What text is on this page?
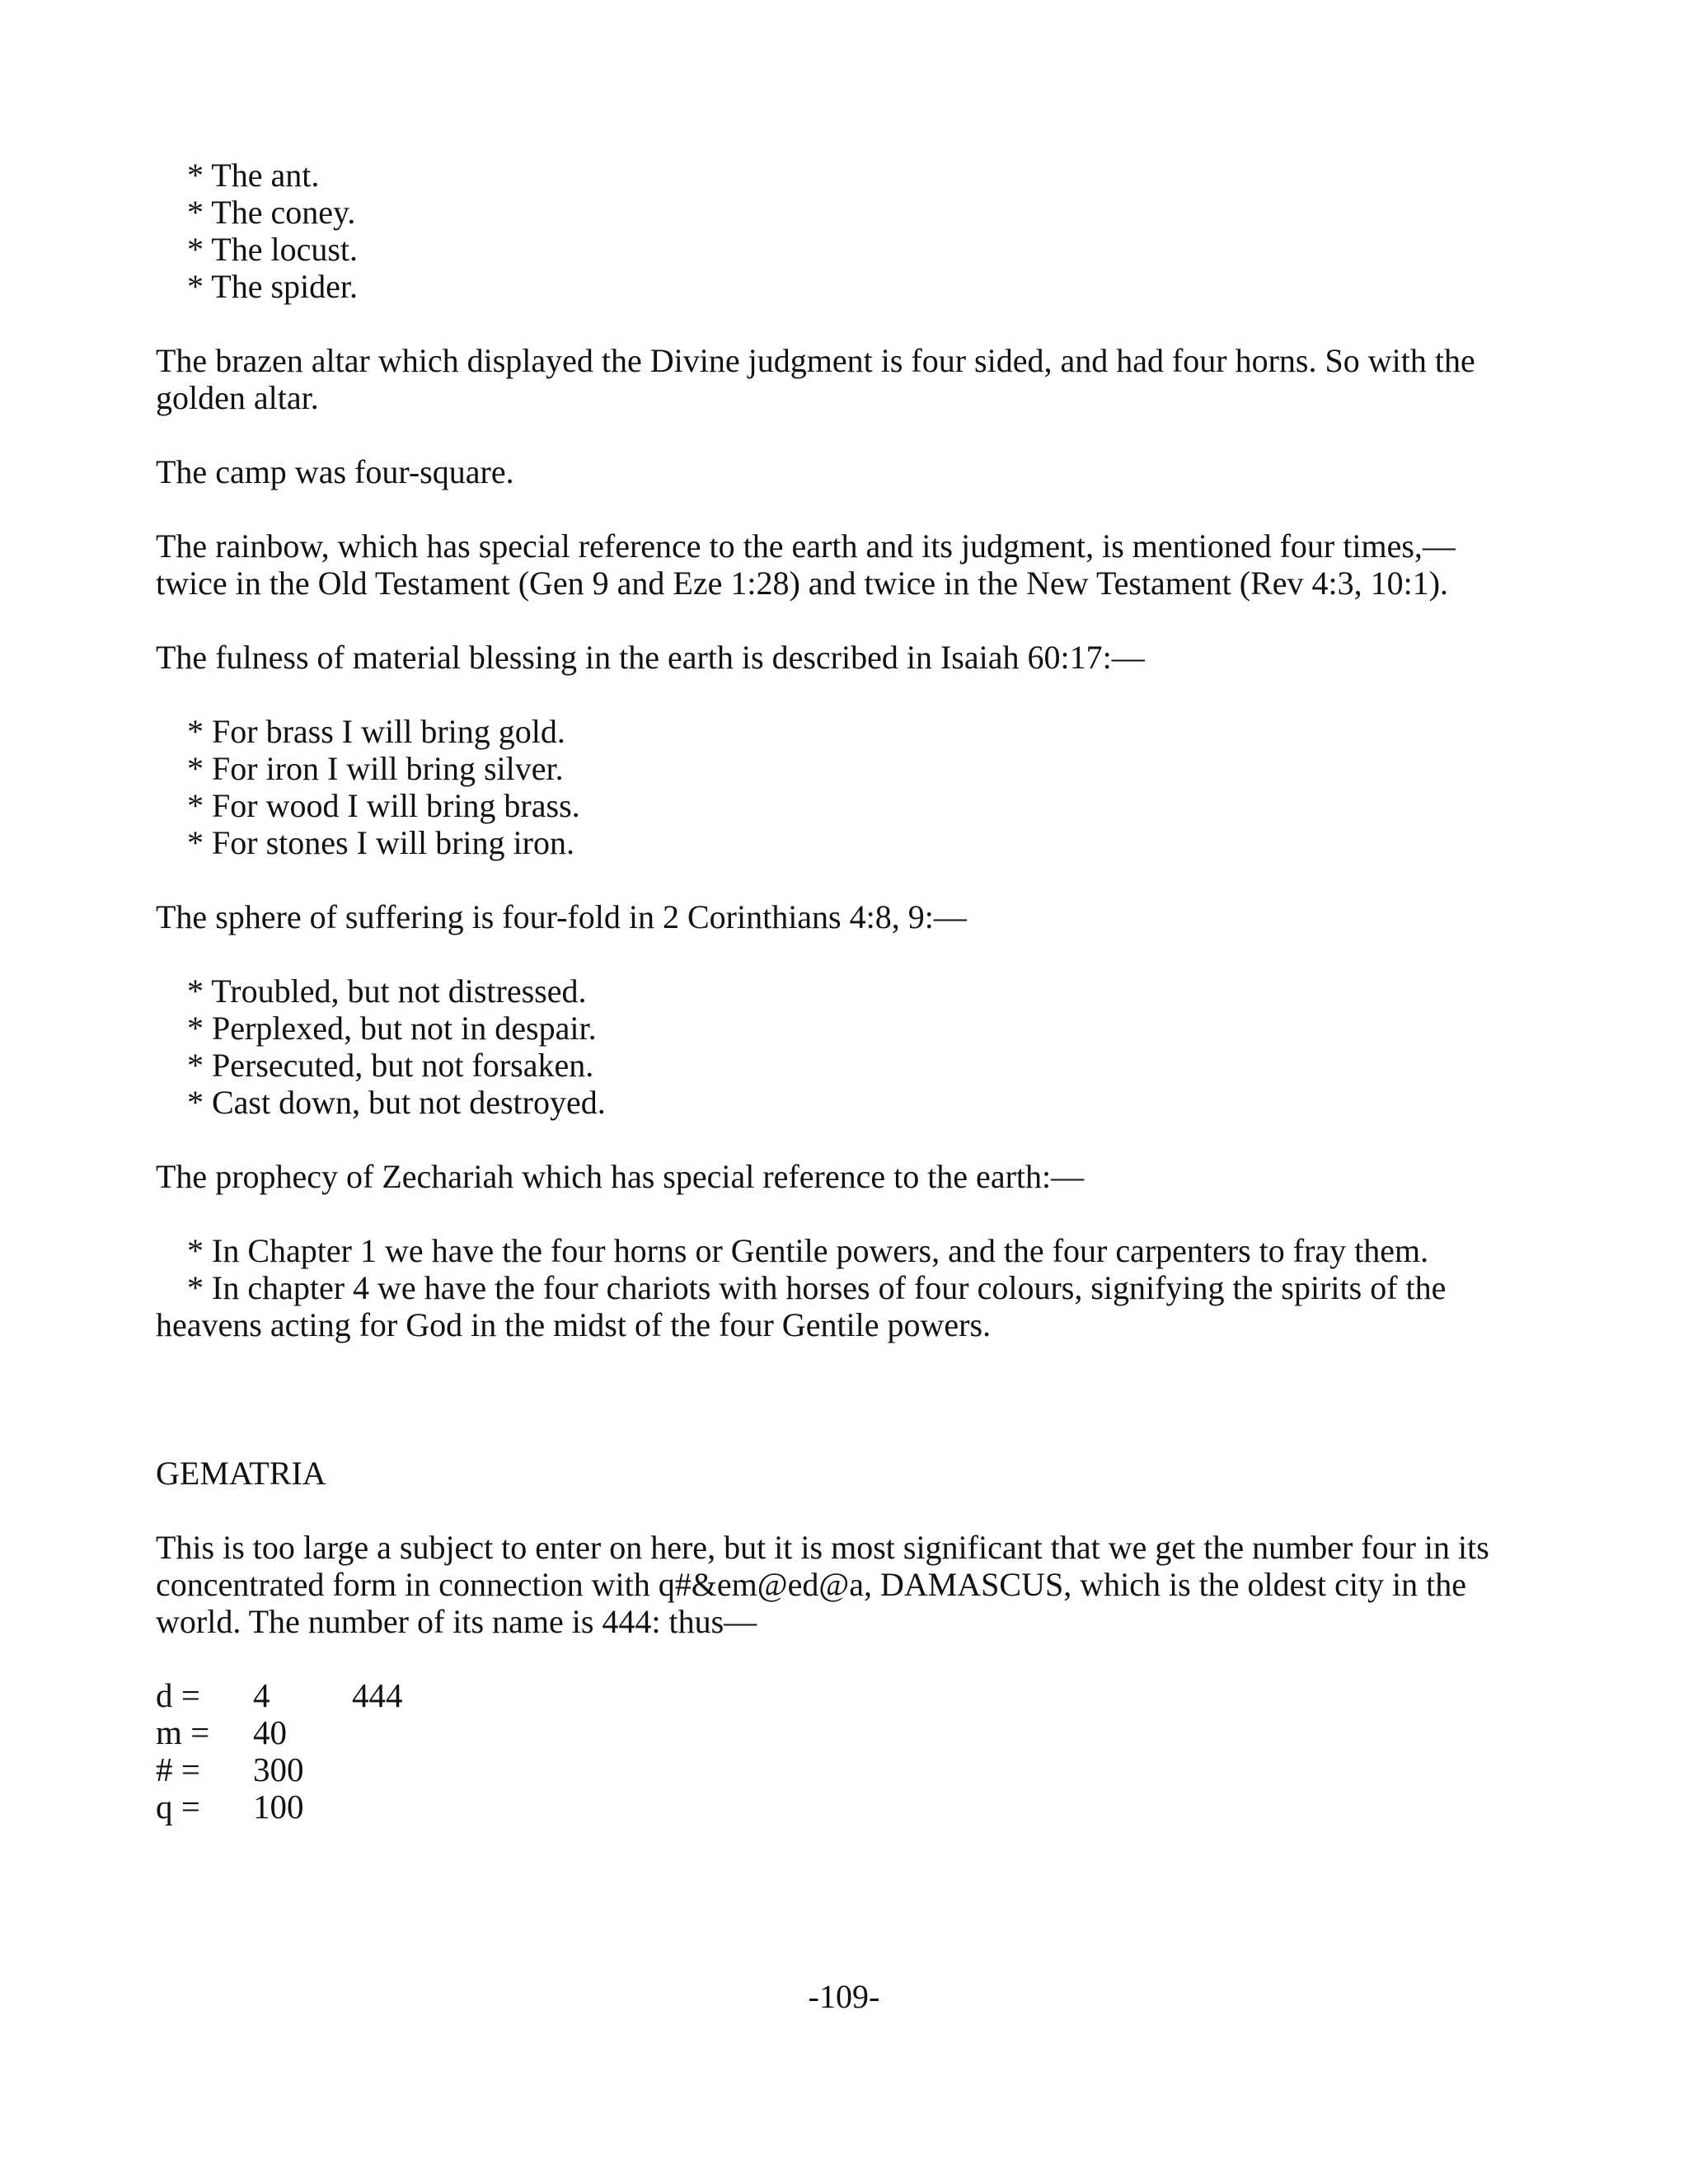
* The ant.
* The coney.
* The locust.
* The spider.

The brazen altar which displayed the Divine judgment is four sided, and had four horns. So with the golden altar.

The camp was four-square.

The rainbow, which has special reference to the earth and its judgment, is mentioned four times,—twice in the Old Testament (Gen 9 and Eze 1:28) and twice in the New Testament (Rev 4:3, 10:1).

The fulness of material blessing in the earth is described in Isaiah 60:17:—

* For brass I will bring gold.
* For iron I will bring silver.
* For wood I will bring brass.
* For stones I will bring iron.

The sphere of suffering is four-fold in 2 Corinthians 4:8, 9:—

* Troubled, but not distressed.
* Perplexed, but not in despair.
* Persecuted, but not forsaken.
* Cast down, but not destroyed.

The prophecy of Zechariah which has special reference to the earth:—

* In Chapter 1 we have the four horns or Gentile powers, and the four carpenters to fray them.

* In chapter 4 we have the four chariots with horses of four colours, signifying the spirits of the heavens acting for God in the midst of the four Gentile powers.

GEMATRIA

This is too large a subject to enter on here, but it is most significant that we get the number four in its concentrated form in connection with q#&em@ed@a, DAMASCUS, which is the oldest city in the world. The number of its name is 444: thus—

d =	4	444
m =	40	
# =	300	
q =	100	
-109-
